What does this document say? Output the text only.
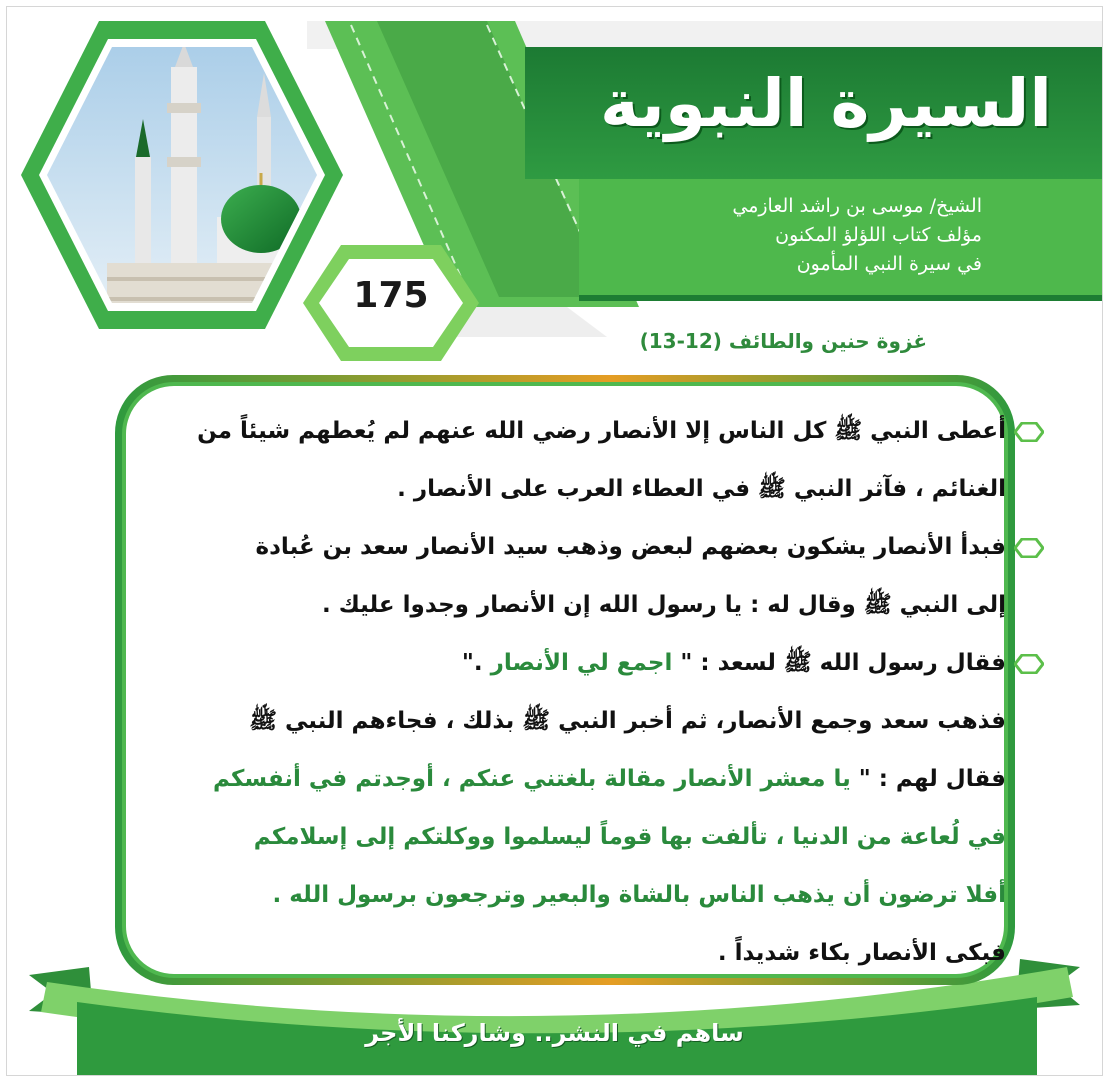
السيرة النبوية
الشيخ/ موسى بن راشد العازمي
مؤلف كتاب اللؤلؤ المكنون
في سيرة النبي المأمون
175
غزوة حنين والطائف (12-13)
أعطى النبي ﷺ كل الناس إلا الأنصار رضي الله عنهم لم يُعطهم شيئاً من
الغنائم ، فآثر النبي ﷺ في العطاء العرب على الأنصار .
فبدأ الأنصار يشكون بعضهم لبعض وذهب سيد الأنصار سعد بن عُبادة
إلى النبي ﷺ وقال له : يا رسول الله إن الأنصار وجدوا عليك .
فقال رسول الله ﷺ لسعد : " اجمع لي الأنصار ".
فذهب سعد وجمع الأنصار، ثم أخبر النبي ﷺ بذلك ، فجاءهم النبي ﷺ
فقال لهم : " يا معشر الأنصار مقالة بلغتني عنكم ، أوجدتم في أنفسكم
في لُعاعة من الدنيا ، تألفت بها قوماً ليسلموا ووكلتكم إلى إسلامكم
أفلا ترضون أن يذهب الناس بالشاة والبعير وترجعون برسول الله .
فبكى الأنصار بكاء شديداً .
ساهم في النشر.. وشاركنا الأجر
